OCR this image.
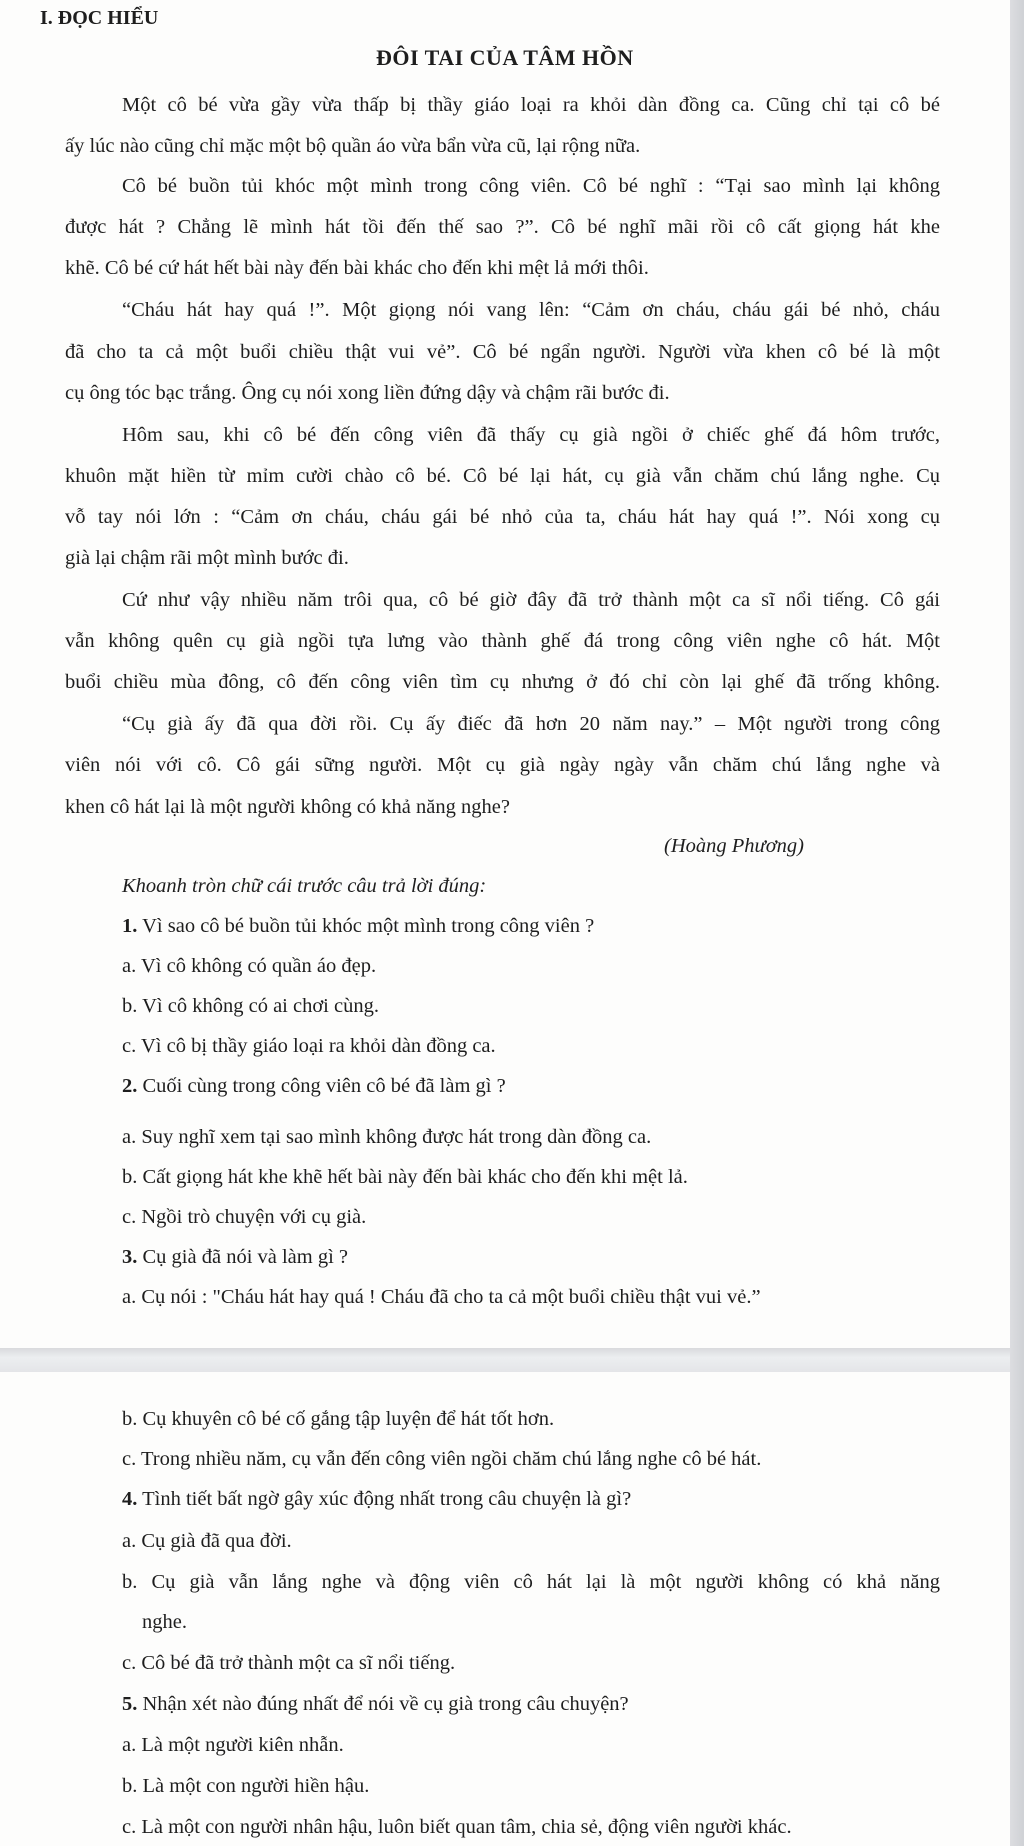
I. ĐỌC HIỂU
ĐÔI TAI CỦA TÂM HỒN
Một cô bé vừa gầy vừa thấp bị thầy giáo loại ra khỏi dàn đồng ca. Cũng chỉ tại cô bé
ấy lúc nào cũng chỉ mặc một bộ quần áo vừa bẩn vừa cũ, lại rộng nữa.
Cô bé buồn tủi khóc một mình trong công viên. Cô bé nghĩ : “Tại sao mình lại không
được hát ? Chẳng lẽ mình hát tồi đến thế sao ?”. Cô bé nghĩ mãi rồi cô cất giọng hát khe
khẽ. Cô bé cứ hát hết bài này đến bài khác cho đến khi mệt lả mới thôi.
“Cháu hát hay quá !”. Một giọng nói vang lên: “Cảm ơn cháu, cháu gái bé nhỏ, cháu
đã cho ta cả một buổi chiều thật vui vẻ”. Cô bé ngẩn người. Người vừa khen cô bé là một
cụ ông tóc bạc trắng. Ông cụ nói xong liền đứng dậy và chậm rãi bước đi.
Hôm sau, khi cô bé đến công viên đã thấy cụ già ngồi ở chiếc ghế đá hôm trước,
khuôn mặt hiền từ mỉm cười chào cô bé. Cô bé lại hát, cụ già vẫn chăm chú lắng nghe. Cụ
vỗ tay nói lớn : “Cảm ơn cháu, cháu gái bé nhỏ của ta, cháu hát hay quá !”. Nói xong cụ
già lại chậm rãi một mình bước đi.
Cứ như vậy nhiều năm trôi qua, cô bé giờ đây đã trở thành một ca sĩ nổi tiếng. Cô gái
vẫn không quên cụ già ngồi tựa lưng vào thành ghế đá trong công viên nghe cô hát. Một
buổi chiều mùa đông, cô đến công viên tìm cụ nhưng ở đó chỉ còn lại ghế đã trống không.
“Cụ già ấy đã qua đời rồi. Cụ ấy điếc đã hơn 20 năm nay.” – Một người trong công
viên nói với cô. Cô gái sững người. Một cụ già ngày ngày vẫn chăm chú lắng nghe và
khen cô hát lại là một người không có khả năng nghe?
(Hoàng Phương)
Khoanh tròn chữ cái trước câu trả lời đúng:
1. Vì sao cô bé buồn tủi khóc một mình trong công viên ?
a. Vì cô không có quần áo đẹp.
b. Vì cô không có ai chơi cùng.
c. Vì cô bị thầy giáo loại ra khỏi dàn đồng ca.
2. Cuối cùng trong công viên cô bé đã làm gì ?
a. Suy nghĩ xem tại sao mình không được hát trong dàn đồng ca.
b. Cất giọng hát khe khẽ hết bài này đến bài khác cho đến khi mệt lả.
c. Ngồi trò chuyện với cụ già.
3. Cụ già đã nói và làm gì ?
a. Cụ nói : "Cháu hát hay quá ! Cháu đã cho ta cả một buổi chiều thật vui vẻ.”
b. Cụ khuyên cô bé cố gắng tập luyện để hát tốt hơn.
c. Trong nhiều năm, cụ vẫn đến công viên ngồi chăm chú lắng nghe cô bé hát.
4. Tình tiết bất ngờ gây xúc động nhất trong câu chuyện là gì?
a. Cụ già đã qua đời.
b. Cụ già vẫn lắng nghe và động viên cô hát lại là một người không có khả năng
nghe.
c. Cô bé đã trở thành một ca sĩ nổi tiếng.
5. Nhận xét nào đúng nhất để nói về cụ già trong câu chuyện?
a. Là một người kiên nhẫn.
b. Là một con người hiền hậu.
c. Là một con người nhân hậu, luôn biết quan tâm, chia sẻ, động viên người khác.
